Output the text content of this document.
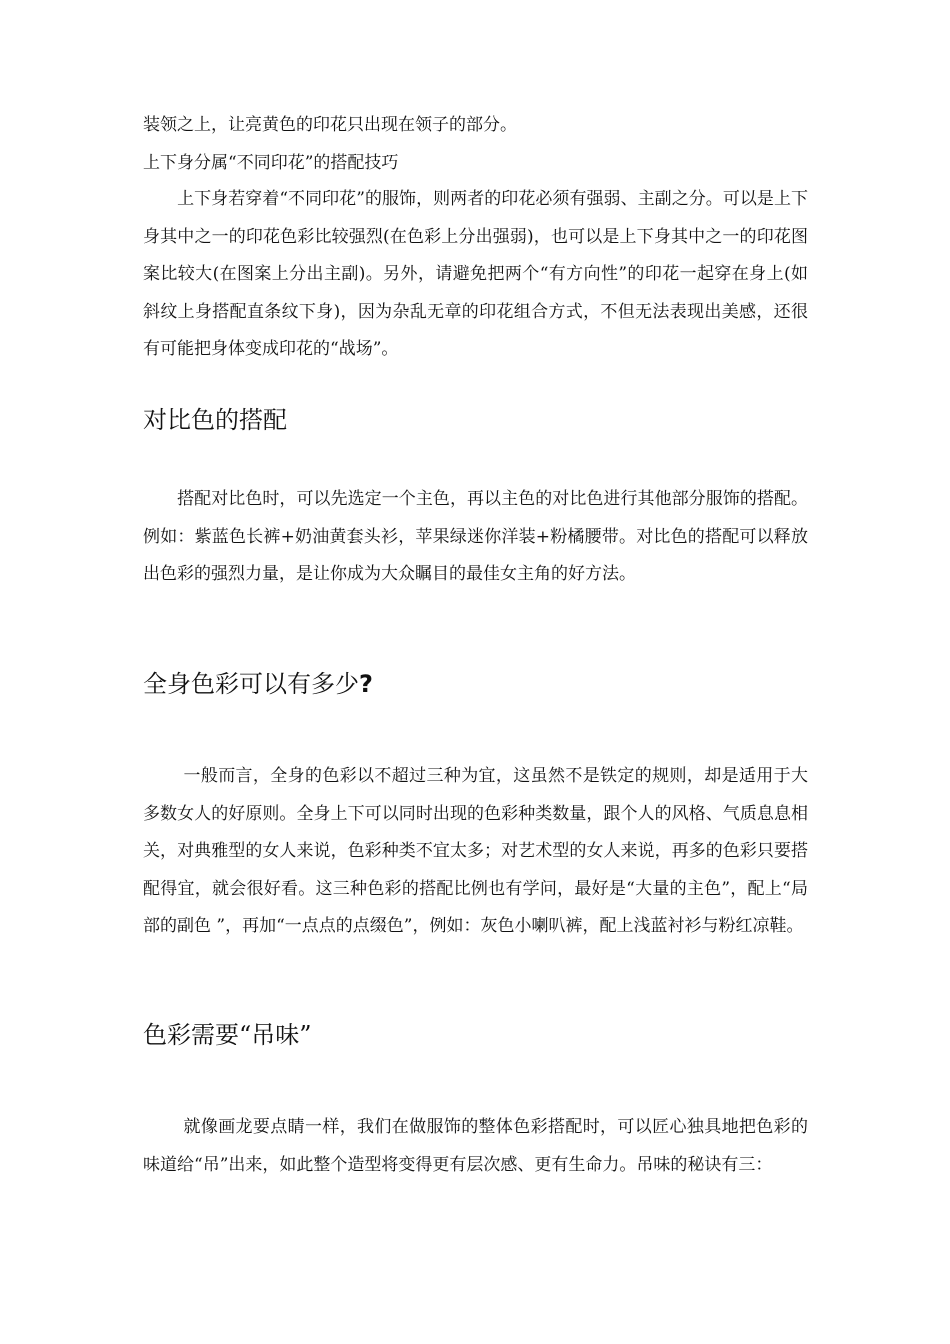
装领之上，让亮黄色的印花只出现在领子的部分。
上下身分属“不同印花”的搭配技巧

　　上下身若穿着“不同印花”的服饰，则两者的印花必须有强弱、主副之分。可以是上下身其中之一的印花色彩比较强烈(在色彩上分出强弱)，也可以是上下身其中之一的印花图案比较大(在图案上分出主副)。另外，请避免把两个“有方向性”的印花一起穿在身上(如斜纹上身搭配直条纹下身)，因为杂乱无章的印花组合方式，不但无法表现出美感，还很有可能把身体变成印花的“战场”。

对比色的搭配

　　搭配对比色时，可以先选定一个主色，再以主色的对比色进行其他部分服饰的搭配。例如：紫蓝色长裤+奶油黄套头衫，苹果绿迷你洋装+粉橘腰带。对比色的搭配可以释放出色彩的强烈力量，是让你成为大众瞩目的最佳女主角的好方法。

全身色彩可以有多少?

　　 一般而言，全身的色彩以不超过三种为宜，这虽然不是铁定的规则，却是适用于大多数女人的好原则。全身上下可以同时出现的色彩种类数量，跟个人的风格、气质息息相关，对典雅型的女人来说，色彩种类不宜太多；对艺术型的女人来说，再多的色彩只要搭配得宜，就会很好看。这三种色彩的搭配比例也有学问，最好是“大量的主色”，配上“局部的副色 ”，再加“一点点的点缀色”，例如：灰色小喇叭裤，配上浅蓝衬衫与粉红凉鞋。

色彩需要“吊味”

　　 就像画龙要点睛一样，我们在做服饰的整体色彩搭配时，可以匠心独具地把色彩的味道给“吊”出来，如此整个造型将变得更有层次感、更有生命力。吊味的秘诀有三：
